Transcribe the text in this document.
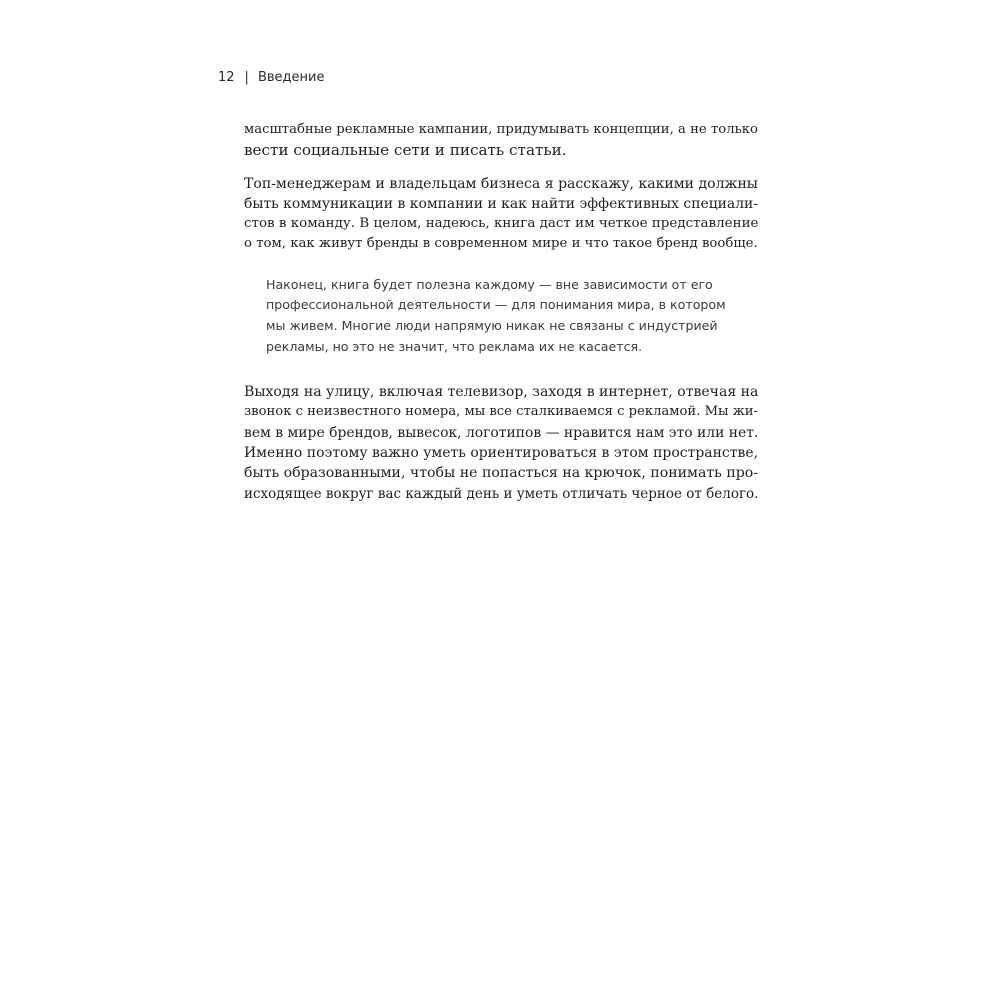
12 | Введение

масштабные рекламные кампании, придумывать концепции, а не только
вести социальные сети и писать статьи.

Топ-менеджерам и владельцам бизнеса я расскажу, какими должны
быть коммуникации в компании и как найти эффективных специали-
стов в команду. В целом, надеюсь, книга даст им четкое представление
о том, как живут бренды в современном мире и что такое бренд вообще.

Наконец, книга будет полезна каждому — вне зависимости от его
профессиональной деятельности — для понимания мира, в котором
мы живем. Многие люди напрямую никак не связаны с индустрией
рекламы, но это не значит, что реклама их не касается.

Выходя на улицу, включая телевизор, заходя в интернет, отвечая на
звонок с неизвестного номера, мы все сталкиваемся с рекламой. Мы жи-
вем в мире брендов, вывесок, логотипов — нравится нам это или нет.
Именно поэтому важно уметь ориентироваться в этом пространстве,
быть образованными, чтобы не попасться на крючок, понимать про-
исходящее вокруг вас каждый день и уметь отличать черное от белого.
